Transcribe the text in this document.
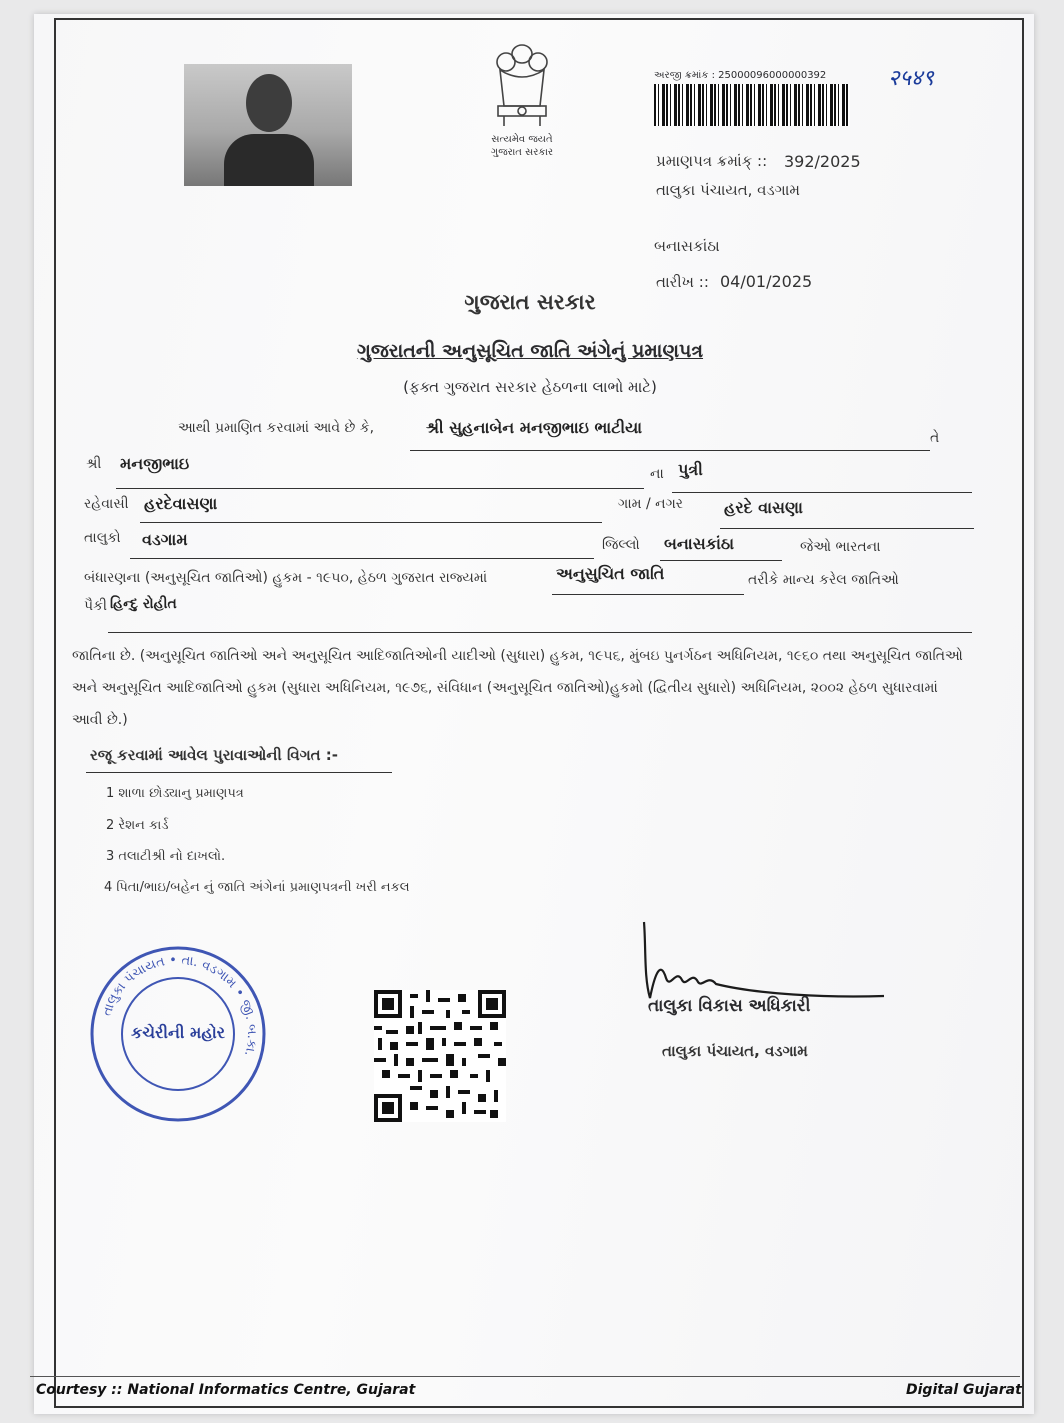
સત્યમેવ જયતે
ગુજરાત સરકાર
અરજી ક્રમાંક : 25000096000000392	२५४९
પ્રમાણપત્ર ક્રમાંક્ :: 392/2025
તાલુકા પંચાયત, વડગામ
બનાસકાંઠા
તારીખ :: 04/01/2025
ગુજરાત સરકાર
ગુજરાતની અનુસૂચિત જાતિ અંગેનું પ્રમાણપત્ર
(ફક્ત ગુજરાત સરકાર હેઠળના લાભો માટે)
આથી પ્રમાણિત કરવામાં આવે છે કે,	શ્રી સુહનાબેન મનજીભાઇ ભાટીયા
તે
શ્રી મનજીભાઇ
ના પુત્રી
રહેવાસી હરદેવાસણા	ગામ / નગર	હરદે વાસણા
તાલુકો વડગામ	જિલ્લો બનાસકાંઠા	જેઓ ભારતના
બંધારણના (અનુસૂચિત જાતિઓ) હુકમ - ૧૯૫૦, હેઠળ ગુજરાત રાજ્યમાં	અનુસુચિત જાતિ	તરીકે માન્ય કરેલ જાતિઓ
પૈકી હિન્દુ રોહીત
જાતિના છે. (અનુસૂચિત જાતિઓ અને અનુસૂચિત આદિજાતિઓની યાદીઓ (સુધારા) હુકમ, ૧૯૫૬, મુંબઇ પુનર્ગઠન અધિનિયમ, ૧૯૬૦ તથા અનુસૂચિત જાતિઓ અને અનુસૂચિત આદિજાતિઓ હુકમ (સુધારા અધિનિયમ, ૧૯૭૬, સંવિધાન (અનુસૂચિત જાતિઓ)હુકમો (દ્વિતીય સુધારો) અધિનિયમ, ૨૦૦૨ હેઠળ સુધારવામાં આવી છે.)
રજૂ કરવામાં આવેલ પુરાવાઓની વિગત :-
1 શાળા છોડ્યાનુ પ્રમાણપત્ર
2 રેશન કાર્ડ
3 તલાટીશ્રી નો દાખલો.
4 પિતા/ભાઇ/બહેન નું જાતિ અંગેનાં પ્રમાણપત્રની ખરી નકલ
તાલુકા પંચાયત • તા. વડગામ • જી. બ.કા.
કચેરીની મહોર
તાલુકા વિકાસ અધિકારી
તાલુકા પંચાયત, વડગામ
Courtesy :: National Informatics Centre, Gujarat	Digital Gujarat
